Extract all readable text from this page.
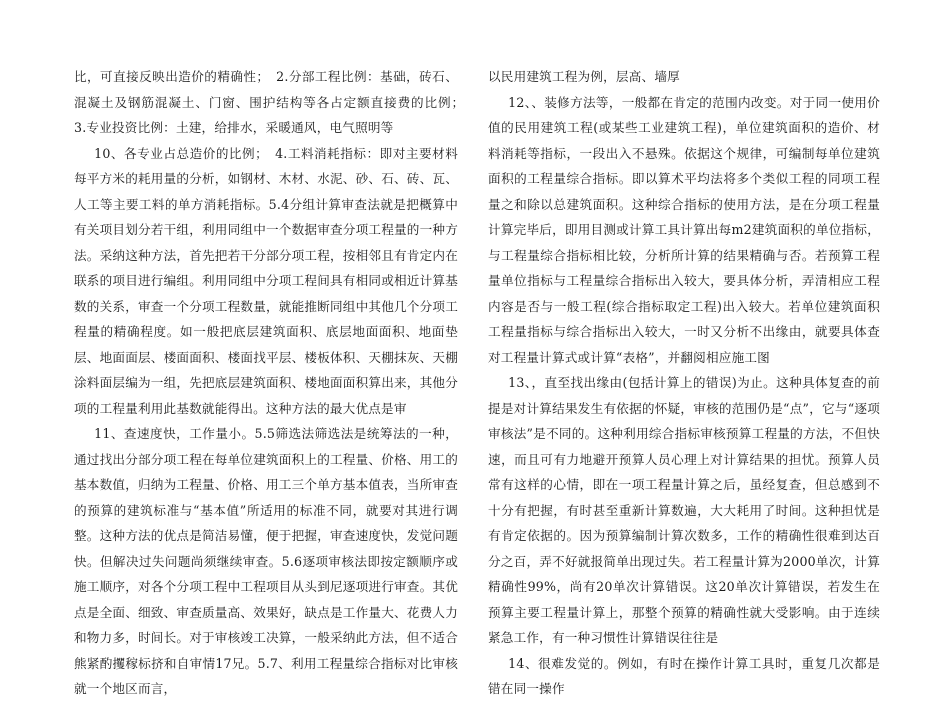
比，可直接反映出造价的精确性；　2.分部工程比例：基础，砖石、混凝土及钢筋混凝土、门窗、围护结构等各占定额直接费的比例；　3.专业投资比例：土建，给排水，采暖通风，电气照明等

10、各专业占总造价的比例；　4.工料消耗指标：即对主要材料每平方米的耗用量的分析，如钢材、木材、水泥、砂、石、砖、瓦、人工等主要工料的单方消耗指标。5.4分组计算审查法就是把概算中有关项目划分若干组，利用同组中一个数据审查分项工程量的一种方法。采纳这种方法，首先把若干分部分项工程，按相邻且有肯定内在联系的项目进行编组。利用同组中分项工程间具有相同或相近计算基数的关系，审查一个分项工程数量，就能推断同组中其他几个分项工程量的精确程度。如一般把底层建筑面积、底层地面面积、地面垫层、地面面层、楼面面积、楼面找平层、楼板体积、天棚抹灰、天棚涂料面层编为一组，先把底层建筑面积、楼地面面积算出来，其他分项的工程量利用此基数就能得出。这种方法的最大优点是审

11、查速度快，工作量小。5.5筛选法筛选法是统筹法的一种，通过找出分部分项工程在每单位建筑面积上的工程量、价格、用工的基本数值，归纳为工程量、价格、用工三个单方基本值表，当所审查的预算的建筑标准与“基本值”所适用的标准不同，就要对其进行调整。这种方法的优点是简洁易懂，便于把握，审查速度快，发觉问题快。但解决过失问题尚须继续审查。5.6逐项审核法即按定额顺序或施工顺序，对各个分项工程中工程项目从头到尼逐项进行审查。其优点是全面、细致、审查质量高、效果好，缺点是工作量大、花费人力和物力多，时间长。对于审核竣工决算，一般采纳此方法，但不适合熊紧酌攫稼标挤和自审情17兄。5.7、利用工程量综合指标对比审核就一个地区而言，

以民用建筑工程为例，层高、墙厚

12、、装修方法等，一般都在肯定的范围内改变。对于同一使用价值的民用建筑工程(或某些工业建筑工程)，单位建筑面积的造价、材料消耗等指标，一段出入不悬殊。依据这个规律，可编制每单位建筑面积的工程量综合指标。即以算术平均法将多个类似工程的同项工程量之和除以总建筑面积。这种综合指标的使用方法，是在分项工程量计算完毕后，即用目测或计算工具计算出每m2建筑面积的单位指标，与工程量综合指标相比较，分析所计算的结果精确与否。若预算工程量单位指标与工程量综合指标出入较大，要具体分析，弄清相应工程内容是否与一般工程(综合指标取定工程)出入较大。若单位建筑面积工程量指标与综合指标出入较大，一时又分析不出缘由，就要具体查对工程量计算式或计算“表格”，并翻阅相应施工图

13、，直至找出缘由(包括计算上的错误)为止。这种具体复查的前提是对计算结果发生有依据的怀疑，审核的范围仍是“点”，它与“逐项审核法”是不同的。这种利用综合指标审核预算工程量的方法，不但快速，而且可有力地避开预算人员心理上对计算结果的担忧。预算人员常有这样的心情，即在一项工程量计算之后，虽经复查，但总感到不十分有把握，有时甚至重新计算数遍，大大耗用了时间。这种担忧是有肯定依据的。因为预算编制计算次数多，工作的精确性很难到达百分之百，弄不好就报简单出现过失。若工程量计算为2000单次，计算精确性99%，尚有20单次计算错误。这20单次计算错误，若发生在预算主要工程量计算上，那整个预算的精确性就大受影响。由于连续紧急工作，有一种习惯性计算错误往往是

14、很难发觉的。例如，有时在操作计算工具时，重复几次都是错在同一操作
